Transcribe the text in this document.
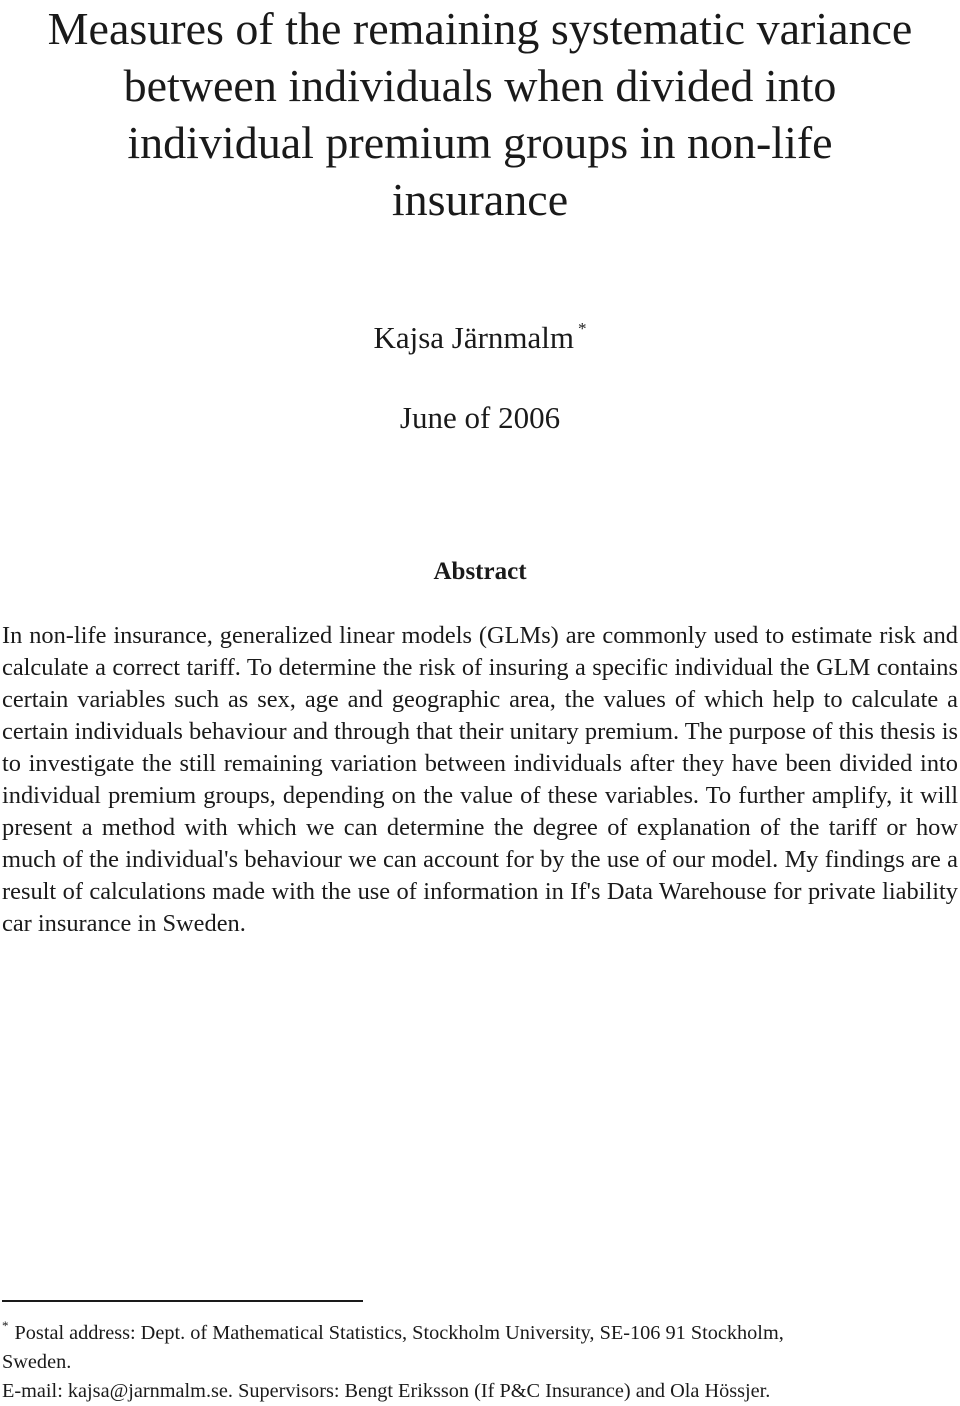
Measures of the remaining systematic variance
between individuals when divided into
individual premium groups in non-life
insurance
Kajsa Järnmalm *
June of 2006
Abstract

In non-life insurance, generalized linear models (GLMs) are commonly used to estimate risk and calculate a correct tariff. To determine the risk of insuring a specific individual the GLM contains certain variables such as sex, age and geographic area, the values of which help to calculate a certain individuals behaviour and through that their unitary premium. The purpose of this thesis is to investigate the still remaining variation between individuals after they have been divided into individual premium groups, depending on the value of these variables. To further amplify, it will present a method with which we can determine the degree of explanation of the tariff or how much of the individual's behaviour we can account for by the use of our model. My findings are a result of calculations made with the use of information in If's Data Warehouse for private liability car insurance in Sweden.

* Postal address: Dept. of Mathematical Statistics, Stockholm University, SE-106 91 Stockholm,
Sweden.
E-mail: kajsa@jarnmalm.se. Supervisors: Bengt Eriksson (If P&C Insurance) and Ola Hössjer.
